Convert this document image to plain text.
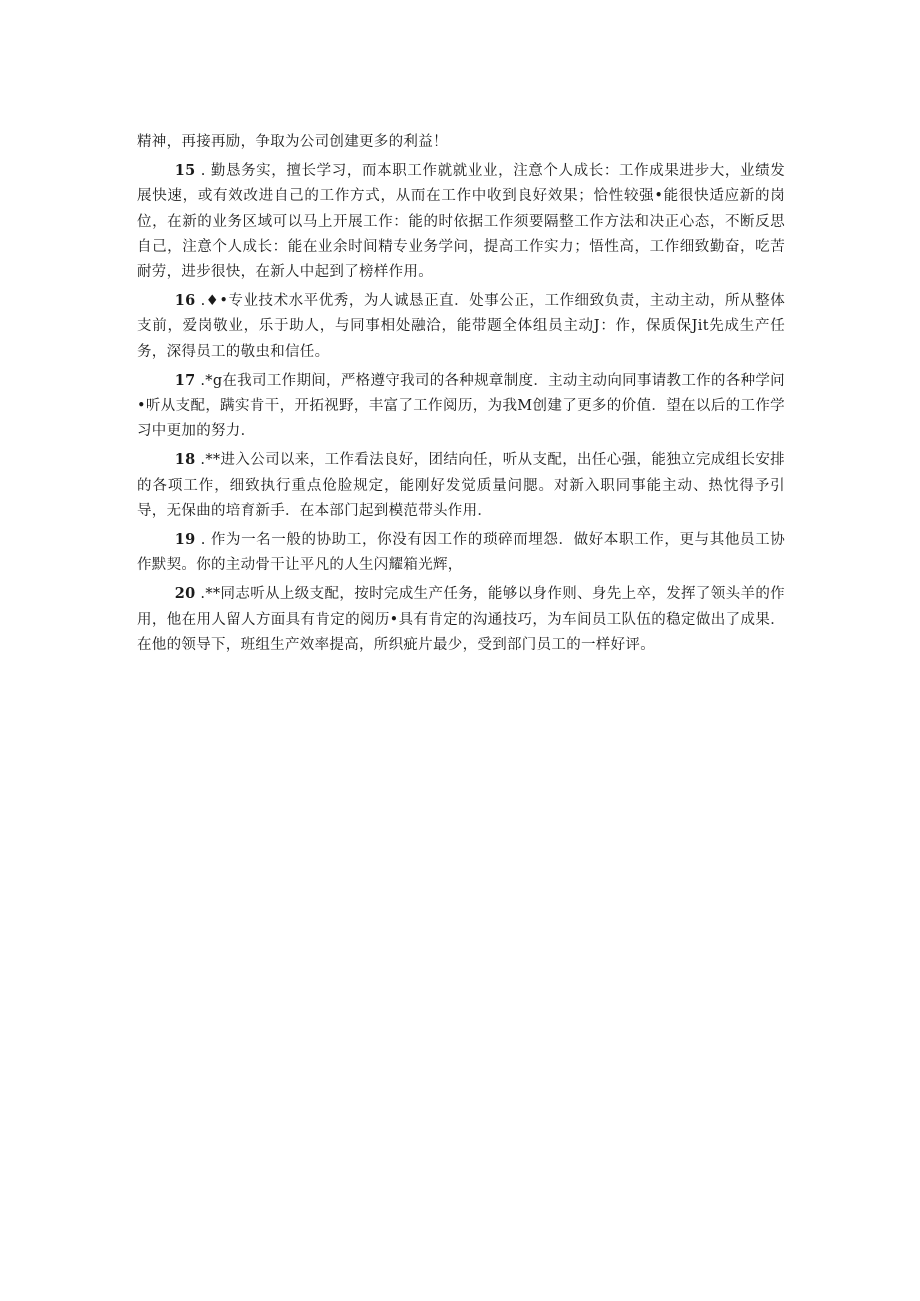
精神，再接再励，争取为公司创建更多的利益！

15 . 勤恳务实，擅长学习，而本职工作就就业业，注意个人成长：工作成果进步大，业绩发展快速，或有效改进自己的工作方式，从而在工作中收到良好效果；恰性较强•能很快适应新的岗位，在新的业务区域可以马上开展工作：能的时依据工作须要隔整工作方法和决正心态，不断反思自己，注意个人成长：能在业余时间精专业务学问，提高工作实力；悟性高，工作细致勤奋，吃苦耐劳，进步很快，在新人中起到了榜样作用。

16 .♦•专业技术水平优秀，为人诚恳正直．处事公正，工作细致负责，主动主动，所从整体支前，爱岗敬业，乐于助人，与同事相处融洽，能带题全体组员主动J：作，保质保Jit先成生产任务，深得员工的敬虫和信任。

17 .*g在我司工作期间，严格遵守我司的各种规章制度．主动主动向同事请教工作的各种学问•听从支配，蹒实肯干，开拓视野，丰富了工作阅历，为我M创建了更多的价值．望在以后的工作学习中更加的努力．

18 .**进入公司以来，工作看法良好，团结向任，听从支配，出任心强，能独立完成组长安排的各项工作，细致执行重点伧脸规定，能刚好发觉质量问腮。对新入职同事能主动、热忱得予引导，无保曲的培育新手．在本部门起到模范带头作用．

19 . 作为一名一般的协助工，你没有因工作的琐碎而埋怨．做好本职工作，更与其他员工协作默契。你的主动骨干让平凡的人生闪耀箱光辉，

20 .**同志听从上级支配，按时完成生产任务，能够以身作则、身先上卒，发挥了领头羊的作用，他在用人留人方面具有肯定的阅历•具有肯定的沟通技巧，为车间员工队伍的稳定做出了成果．在他的领导下，班组生产效率提高，所织疵片最少，受到部门员工的一样好评。
